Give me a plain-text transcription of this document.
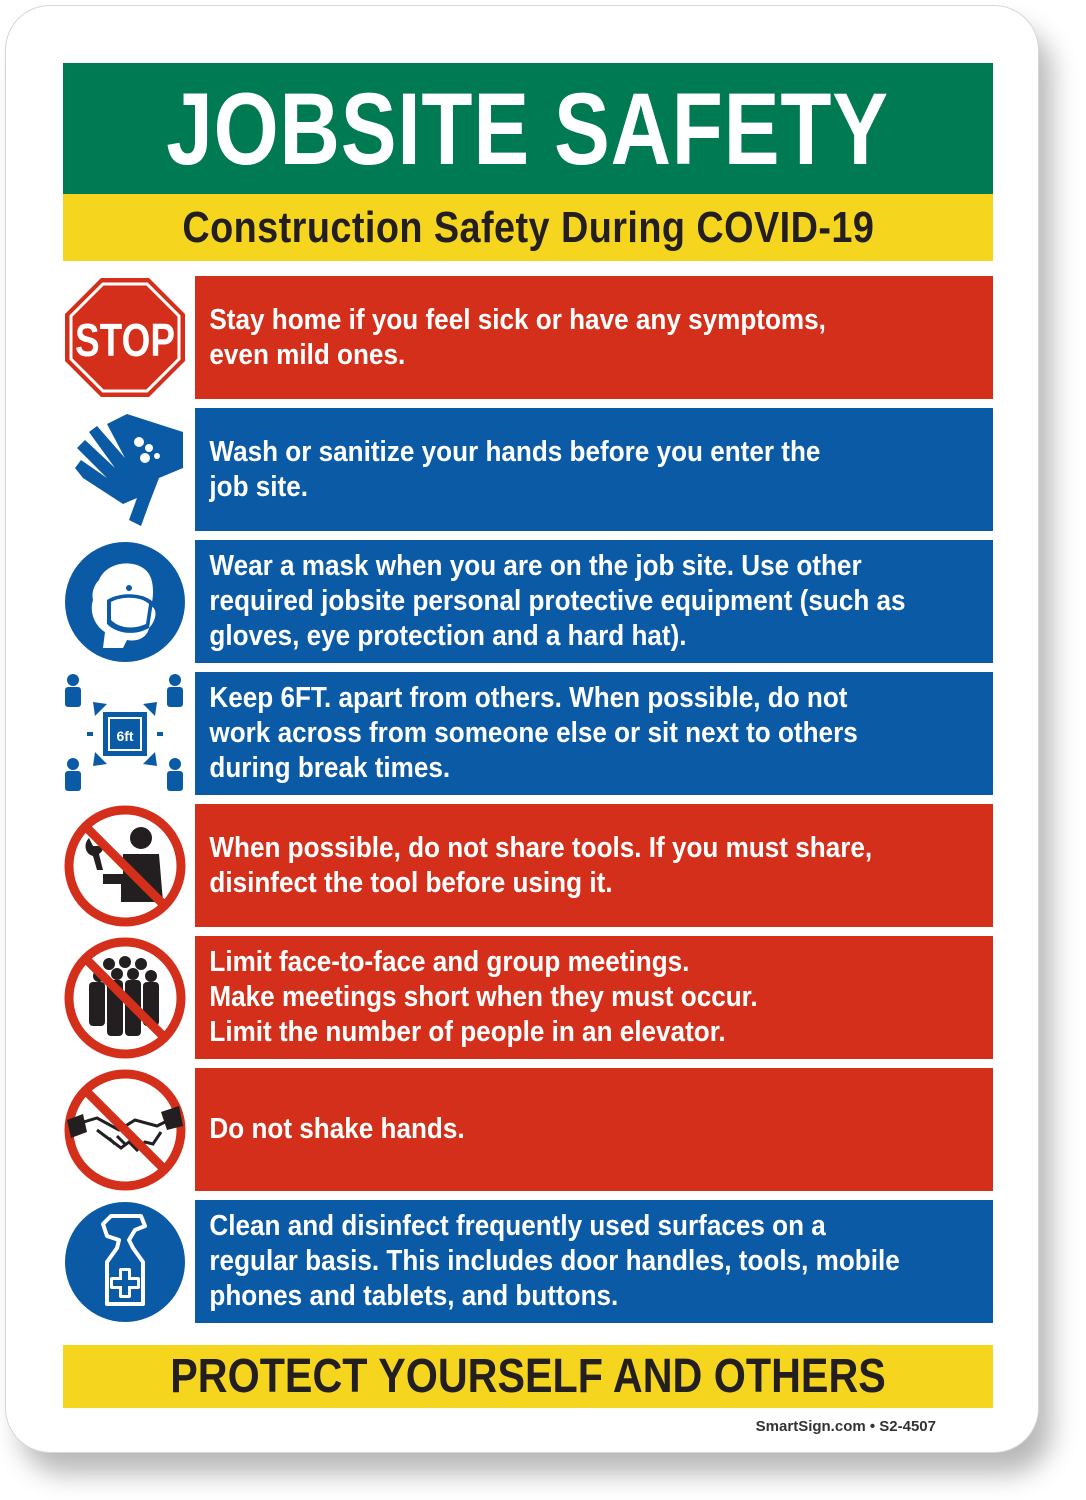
JOBSITE SAFETY
Construction Safety During COVID-19
STOP	Stay home if you feel sick or have any symptoms,
even mild ones.
Wash or sanitize your hands before you enter the
job site.
Wear a mask when you are on the job site. Use other
required jobsite personal protective equipment (such as
gloves, eye protection and a hard hat).
6ft
Keep 6FT. apart from others. When possible, do not
work across from someone else or sit next to others
during break times.
When possible, do not share tools. If you must share,
disinfect the tool before using it.
Limit face-to-face and group meetings.
Make meetings short when they must occur.
Limit the number of people in an elevator.
Do not shake hands.
Clean and disinfect frequently used surfaces on a
regular basis. This includes door handles, tools, mobile
phones and tablets, and buttons.
PROTECT YOURSELF AND OTHERS
SmartSign.com • S2-4507
